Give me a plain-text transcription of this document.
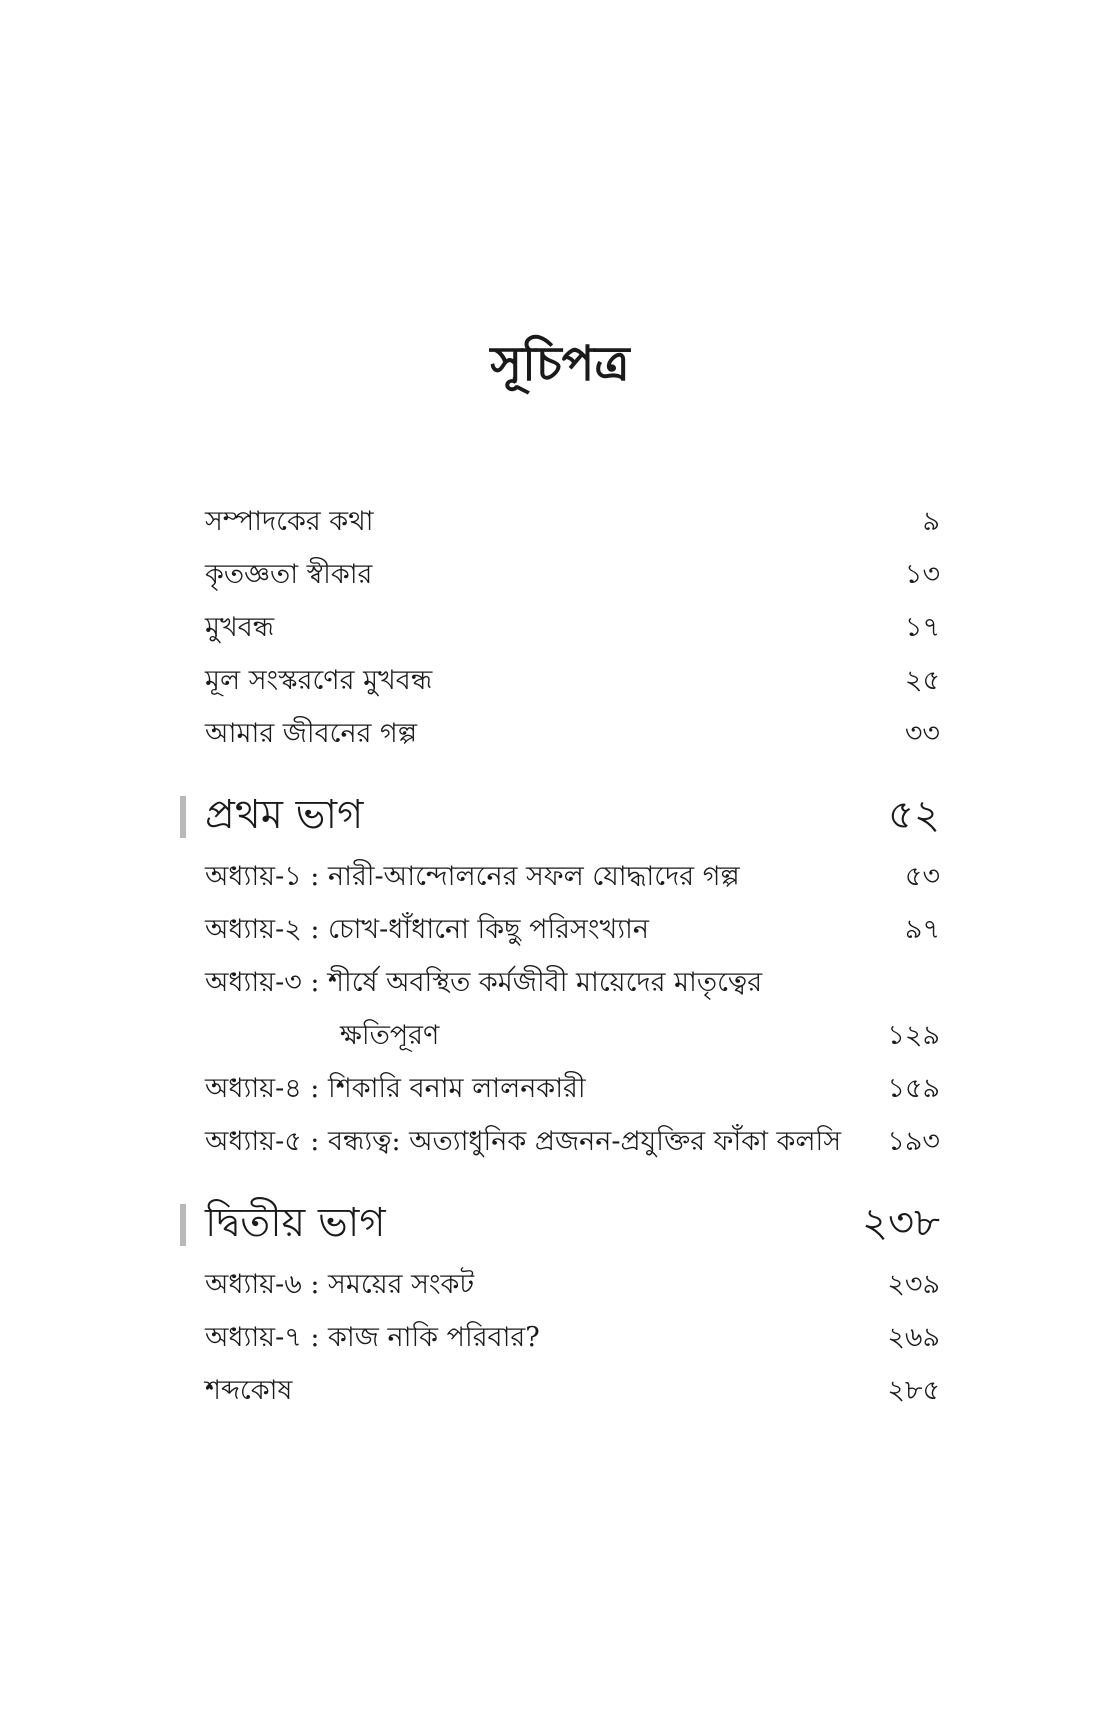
সূচিপত্র
সম্পাদকের কথা	৯
কৃতজ্ঞতা স্বীকার	১৩
মুখবন্ধ	১৭
মূল সংস্করণের মুখবন্ধ	২৫
আমার জীবনের গল্প	৩৩
প্রথম ভাগ	৫২
অধ্যায়-১ : নারী-আন্দোলনের সফল যোদ্ধাদের গল্প	৫৩
অধ্যায়-২ : চোখ-ধাঁধানো কিছু পরিসংখ্যান	৯৭
অধ্যায়-৩ : শীর্ষে অবস্থিত কর্মজীবী মায়েদের মাতৃত্বের
ক্ষতিপূরণ	১২৯
অধ্যায়-৪ : শিকারি বনাম লালনকারী	১৫৯
অধ্যায়-৫ : বন্ধ্যত্ব: অত্যাধুনিক প্রজনন-প্রযুক্তির ফাঁকা কলসি ১৯৩
দ্বিতীয় ভাগ	২৩৮
অধ্যায়-৬ : সময়ের সংকট	২৩৯
অধ্যায়-৭ : কাজ নাকি পরিবার?	২৬৯
শব্দকোষ	২৮৫
